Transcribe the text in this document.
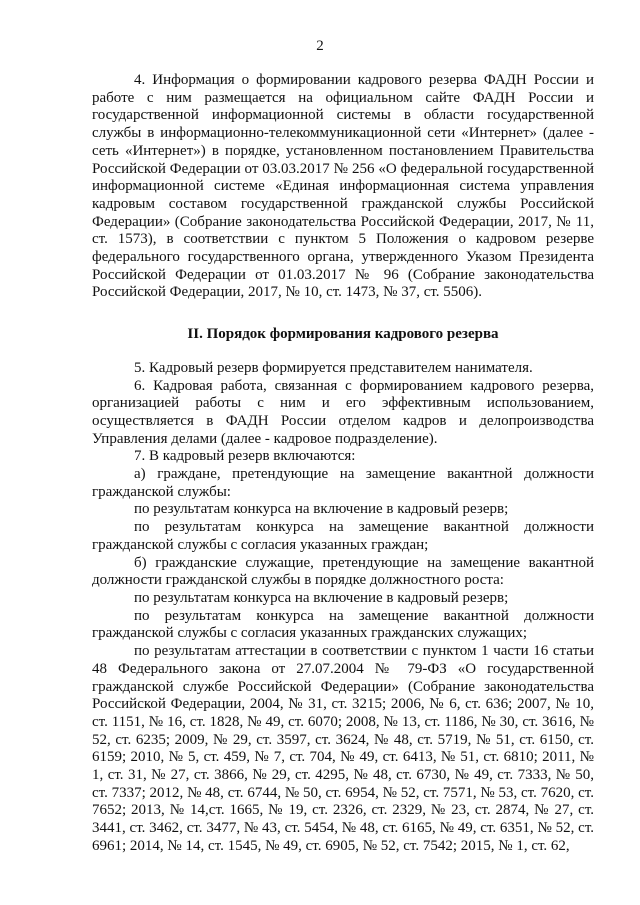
2

4. Информация о формировании кадрового резерва ФАДН России и работе с ним размещается на официальном сайте ФАДН России и государственной информационной системы в области государственной службы в информационно-телекоммуникационной сети «Интернет» (далее - сеть «Интернет») в порядке, установленном постановлением Правительства Российской Федерации от 03.03.2017 № 256 «О федеральной государственной информационной системе «Единая информационная система управления кадровым составом государственной гражданской службы Российской Федерации» (Собрание законодательства Российской Федерации, 2017, № 11, ст. 1573), в соответствии с пунктом 5 Положения о кадровом резерве федерального государственного органа, утвержденного Указом Президента Российской Федерации от 01.03.2017 № 96 (Собрание законодательства Российской Федерации, 2017, № 10, ст. 1473, № 37, ст. 5506).

II. Порядок формирования кадрового резерва

5. Кадровый резерв формируется представителем нанимателя.

6. Кадровая работа, связанная с формированием кадрового резерва, организацией работы с ним и его эффективным использованием, осуществляется в ФАДН России отделом кадров и делопроизводства Управления делами (далее - кадровое подразделение).

7. В кадровый резерв включаются:

а) граждане, претендующие на замещение вакантной должности гражданской службы:

по результатам конкурса на включение в кадровый резерв;

по результатам конкурса на замещение вакантной должности гражданской службы с согласия указанных граждан;

б) гражданские служащие, претендующие на замещение вакантной должности гражданской службы в порядке должностного роста:

по результатам конкурса на включение в кадровый резерв;

по результатам конкурса на замещение вакантной должности гражданской службы с согласия указанных гражданских служащих;

по результатам аттестации в соответствии с пунктом 1 части 16 статьи 48 Федерального закона от 27.07.2004 № 79-ФЗ «О государственной гражданской службе Российской Федерации» (Собрание законодательства Российской Федерации, 2004, № 31, ст. 3215; 2006, № 6, ст. 636; 2007, № 10, ст. 1151, № 16, ст. 1828, № 49, ст. 6070; 2008, № 13, ст. 1186, № 30, ст. 3616, № 52, ст. 6235; 2009, № 29, ст. 3597, ст. 3624, № 48, ст. 5719, № 51, ст. 6150, ст. 6159; 2010, № 5, ст. 459, № 7, ст. 704, № 49, ст. 6413, № 51, ст. 6810; 2011, № 1, ст. 31, № 27, ст. 3866, № 29, ст. 4295, № 48, ст. 6730, № 49, ст. 7333, № 50, ст. 7337; 2012, № 48, ст. 6744, № 50, ст. 6954, № 52, ст. 7571, № 53, ст. 7620, ст. 7652; 2013, № 14,ст. 1665, № 19, ст. 2326, ст. 2329, № 23, ст. 2874, № 27, ст. 3441, ст. 3462, ст. 3477, № 43, ст. 5454, № 48, ст. 6165, № 49, ст. 6351, № 52, ст. 6961; 2014, № 14, ст. 1545, № 49, ст. 6905, № 52, ст. 7542; 2015, № 1, ст. 62,
